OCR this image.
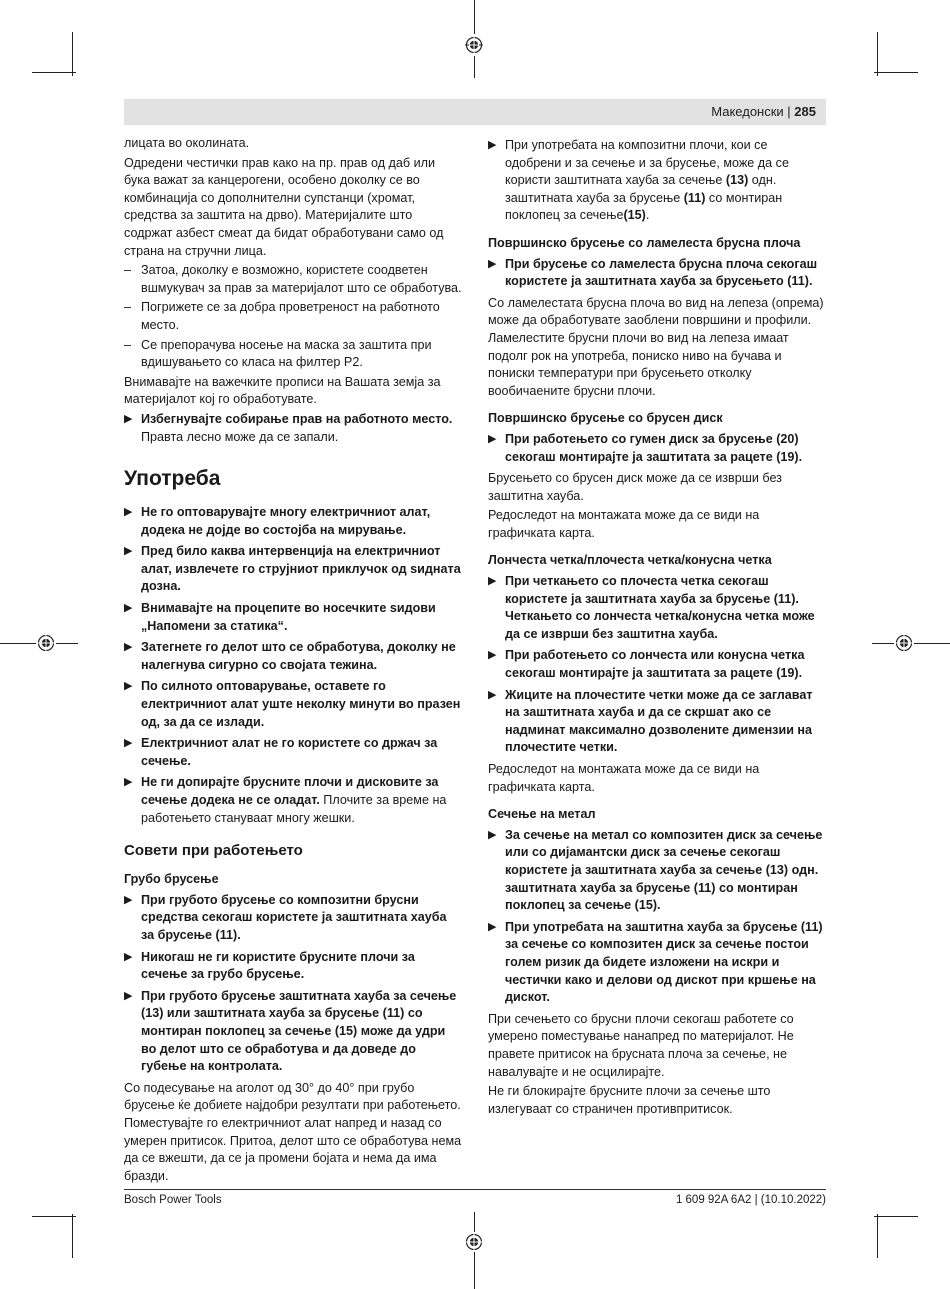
Македонски | 285

лицата во околината.

Одредени честички прав како на пр. прав од даб или бука важат за канцерогени, особено доколку се во комбинација со дополнителни супстанци (хромат, средства за заштита на дрво). Материјалите што содржат азбест смеат да бидат обработувани само од страна на стручни лица.

– Затоа, доколку е возможно, користете соодветен вшмукувач за прав за материјалот што се обработува.
– Погрижете се за добра проветреност на работното место.
– Се препорачува носење на маска за заштита при вдишувањето со класа на филтер P2.

Внимавајте на важечките прописи на Вашата земја за материјалот кој го обработувате.

▶ Избегнувајте собирање прав на работното место. Правта лесно може да се запали.
Употреба
▶ Не го оптоварувајте многу електричниот алат, додека не дојде во состојба на мирување.
▶ Пред било каква интервенција на електричниот алат, извлечете го струјниот приклучок од ѕидната дозна.
▶ Внимавајте на процепите во носечките ѕидови „Напомени за статика“.
▶ Затегнете го делот што се обработува, доколку не налегнува сигурно со својата тежина.
▶ По силното оптоварување, оставете го електричниот алат уште неколку минути во празен од, за да се излади.
▶ Електричниот алат не го користете со држач за сечење.
▶ Не ги допирајте брусните плочи и дисковите за сечење додека не се оладат. Плочите за време на работењето стануваат многу жешки.
Совети при работењето
Грубо брусење
▶ При грубото брусење со композитни брусни средства секогаш користете ја заштитната хауба за брусење (11).
▶ Никогаш не ги користите брусните плочи за сечење за грубо брусење.
▶ При грубото брусење заштитната хауба за сечење (13) или заштитната хауба за брусење (11) со монтиран поклопец за сечење (15) може да удри во делот што се обработува и да доведе до губење на контролата.

Со подесување на аголот од 30° до 40° при грубо брусење ќе добиете најдобри резултати при работењето. Поместувајте го електричниот алат напред и назад со умерен притисок. Притоа, делот што се обработува нема да се вжешти, да се ја промени бојата и нема да има бразди.

▶ При употребата на композитни плочи, кои се одобрени и за сечење и за брусење, може да се користи заштитната хауба за сечење (13) одн. заштитната хауба за брусење (11) со монтиран поклопец за сечење(15).
Површинско брусење со ламелеста брусна плоча
▶ При брусење со ламелеста брусна плоча секогаш користете ја заштитната хауба за брусењето (11).

Со ламелестата брусна плоча во вид на лепеза (опрема) може да обработувате заоблени површини и профили. Ламелестите брусни плочи во вид на лепеза имаат подолг рок на употреба, пониско ниво на бучава и пониски температури при брусењето отколку вообичаените брусни плочи.

Површинско брусење со брусен диск
▶ При работењето со гумен диск за брусење (20) секогаш монтирајте ја заштитата за рацете (19).

Брусењето со брусен диск може да се изврши без заштитна хауба.

Редоследот на монтажата може да се види на графичката карта.

Лончеста четка/плочеста четка/конусна четка
▶ При четкањето со плочеста четка секогаш користете ја заштитната хауба за брусење (11). Четкањето со лончеста четка/конусна четка може да се изврши без заштитна хауба.
▶ При работењето со лончеста или конусна четка секогаш монтирајте ја заштитата за рацете (19).
▶ Жиците на плочестите четки може да се заглават на заштитната хауба и да се скршат ако се надминат максимално дозволените димензии на плочестите четки.

Редоследот на монтажата може да се види на графичката карта.

Сечење на метал
▶ За сечење на метал со композитен диск за сечење или со дијамантски диск за сечење секогаш користете ја заштитната хауба за сечење (13) одн. заштитната хауба за брусење (11) со монтиран поклопец за сечење (15).
▶ При употребата на заштитна хауба за брусење (11) за сечење со композитен диск за сечење постои голем ризик да бидете изложени на искри и честички како и делови од дискот при кршење на дискот.

При сечењето со брусни плочи секогаш работете со умерено поместување нанапред по материјалот. Не правете притисок на брусната плоча за сечење, не навалувајте и не осцилирајте.

Не ги блокирајте брусните плочи за сечење што излегуваат со страничен противпритисок.

Bosch Power Tools	1 609 92A 6A2 | (10.10.2022)
